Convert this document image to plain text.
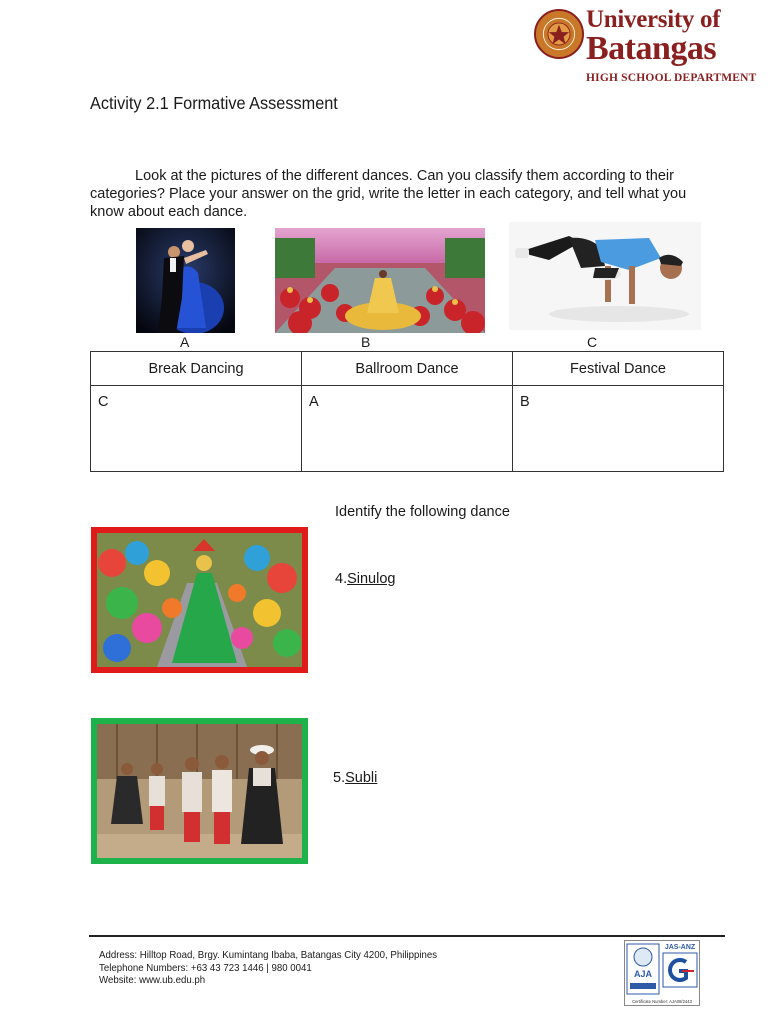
University of
Batangas
HIGH SCHOOL DEPARTMENT
Activity 2.1 Formative Assessment
Look at the pictures of the different dances. Can you classify them according to their categories? Place your answer on the grid, write the letter in each category, and tell what you know about each dance.
A	B	C
Break Dancing	Ballroom Dance	Festival Dance
C	A	B
Identify the following dance
4.Sinulog
5.Subli
Address: Hilltop Road, Brgy. Kumintang Ibaba, Batangas City 4200, Philippines
Telephone Numbers: +63 43 723 1446 | 980 0041
Website: www.ub.edu.ph	AJA
JAS-ANZ
Certificate Number: AJA08/2443
